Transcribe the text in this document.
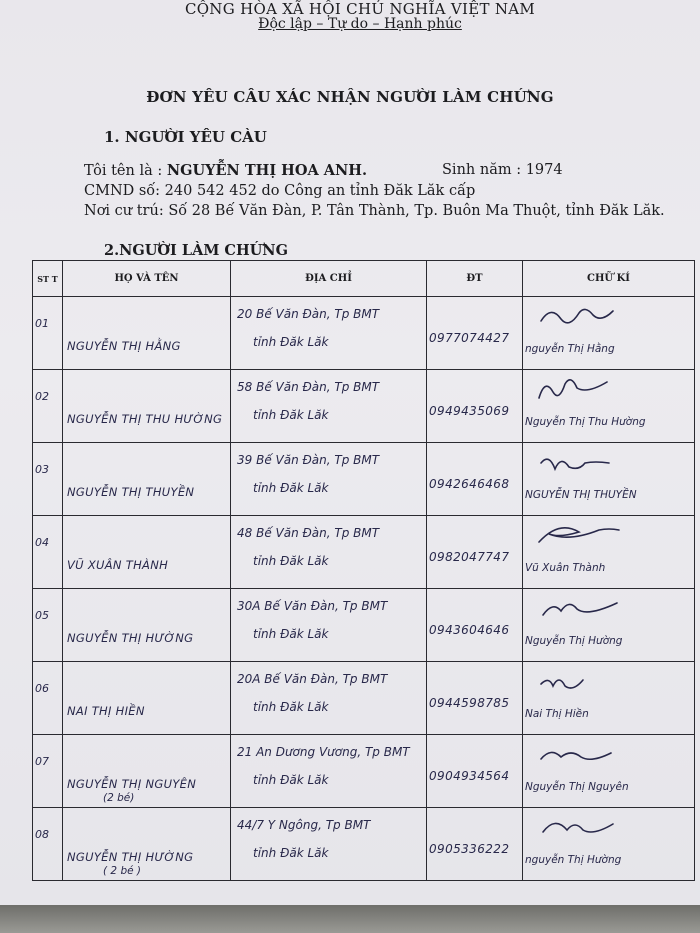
CỘNG HÒA XÃ HỘI CHỦ NGHĨA VIỆT NAM
Độc lập – Tự do – Hạnh phúc
ĐƠN YÊU CÂU XÁC NHẬN NGƯỜI LÀM CHỨNG
1. NGƯỜI YÊU CÀU
Tôi tên là : NGUYỄN THỊ HOA ANH.	Sinh năm : 1974
CMND số: 240 542 452 do Công an tỉnh Đăk Lăk cấp
Nơi cư trú: Số 28 Bế Văn Đàn, P. Tân Thành, Tp. Buôn Ma Thuột, tỉnh Đăk Lăk.
2.NGƯỜI LÀM CHỨNG
ST T	HỌ VÀ TÊN	ĐỊA CHỈ	ĐT	CHỮ KÍ

01	NGUYỄN THỊ HẰNG	20 Bế Văn Đàn, Tp BMT
tỉnh Đăk Lăk	0977074427	nguyễn Thị Hằng

02	NGUYỄN THỊ THU HƯỜNG	58 Bế Văn Đàn, Tp BMT
tỉnh Đăk Lăk	0949435069	Nguyễn Thị Thu Hường

03	NGUYỄN THỊ THUYỀN	39 Bế Văn Đàn, Tp BMT
tỉnh Đăk Lăk	0942646468	NGUYỄN THỊ THUYỀN

04	VŨ XUÂN THÀNH	48 Bế Văn Đàn, Tp BMT
tỉnh Đăk Lăk	0982047747	Vũ Xuân Thành

05	NGUYỄN THỊ HƯỜNG	30A Bế Văn Đàn, Tp BMT
tỉnh Đăk Lăk	0943604646	Nguyễn Thị Hường

06	NAI THỊ HIỀN	20A Bế Văn Đàn, Tp BMT
tỉnh Đăk Lăk	0944598785	Nai Thị Hiền

07	NGUYỄN THỊ NGUYÊN
(2 bé)	21 An Dương Vương, Tp BMT
tỉnh Đăk Lăk	0904934564	Nguyễn Thị Nguyên

08	NGUYỄN THỊ HƯỜNG
( 2 bé )	44/7 Y Ngông, Tp BMT
tỉnh Đăk Lăk	0905336222	nguyễn Thị Hường
